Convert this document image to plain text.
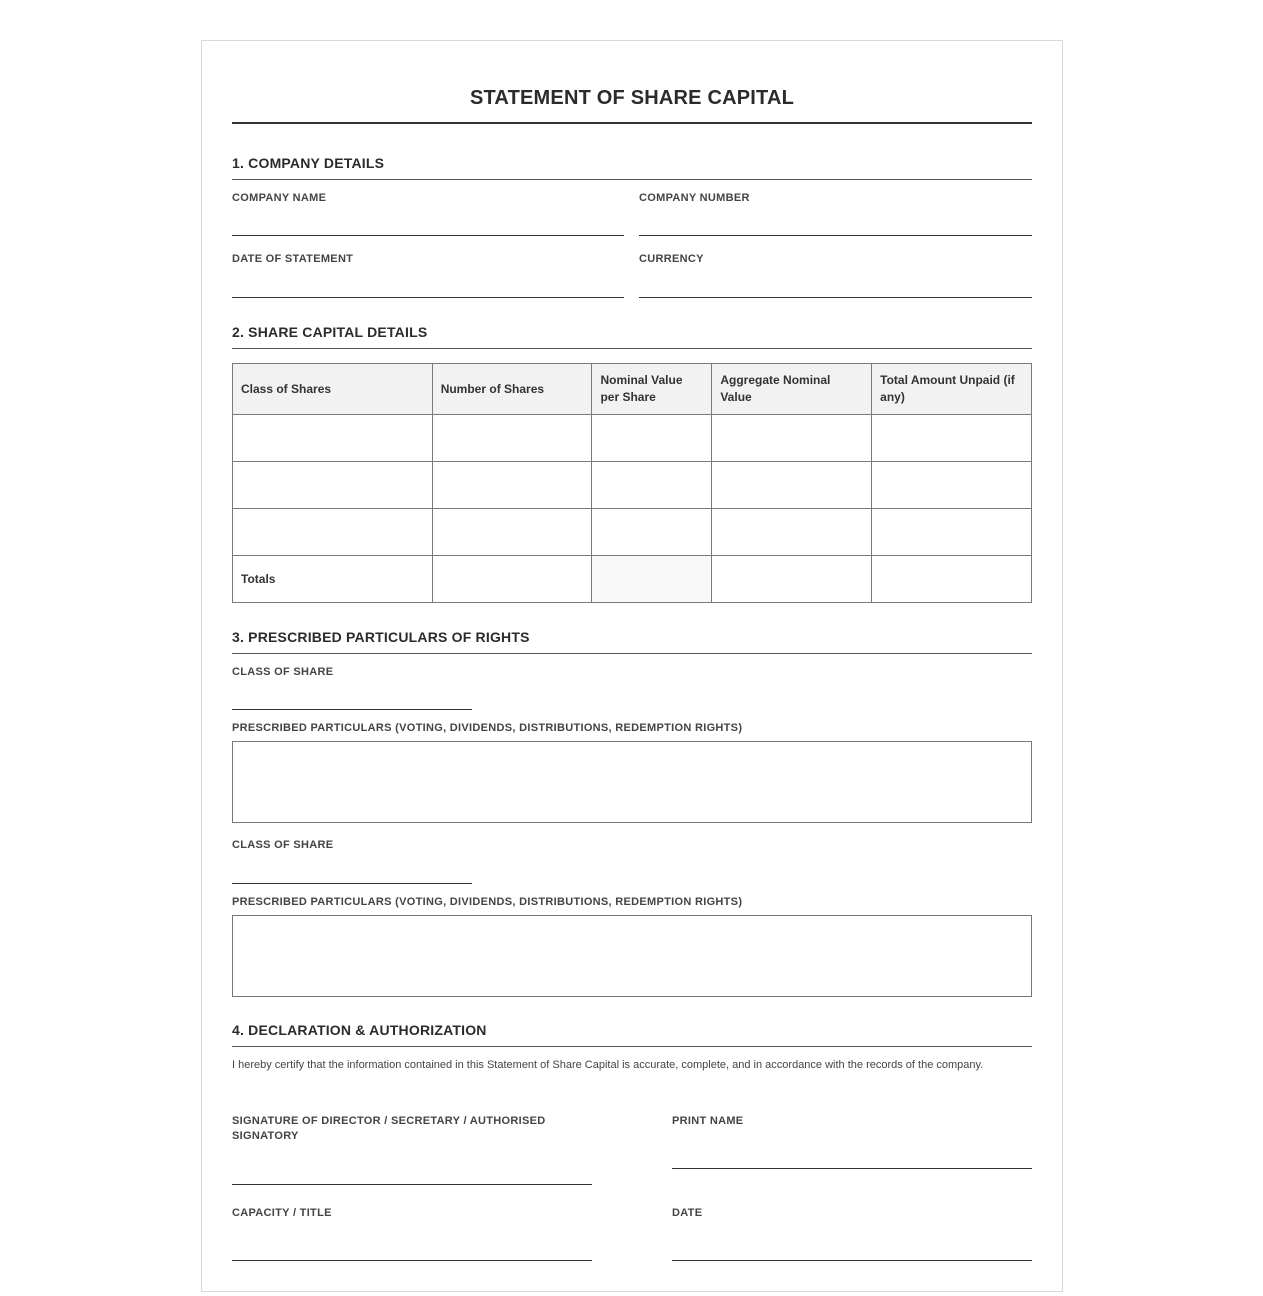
STATEMENT OF SHARE CAPITAL
1. COMPANY DETAILS
COMPANY NAME	COMPANY NUMBER
DATE OF STATEMENT	CURRENCY
2. SHARE CAPITAL DETAILS
Class of Shares	Number of Shares	Nominal Value per Share	Aggregate Nominal Value	Total Amount Unpaid (if any)

Totals				
3. PRESCRIBED PARTICULARS OF RIGHTS
CLASS OF SHARE
PRESCRIBED PARTICULARS (VOTING, DIVIDENDS, DISTRIBUTIONS, REDEMPTION RIGHTS)
CLASS OF SHARE
PRESCRIBED PARTICULARS (VOTING, DIVIDENDS, DISTRIBUTIONS, REDEMPTION RIGHTS)
4. DECLARATION & AUTHORIZATION
I hereby certify that the information contained in this Statement of Share Capital is accurate, complete, and in accordance with the records of the company.
SIGNATURE OF DIRECTOR / SECRETARY / AUTHORISED SIGNATORY
PRINT NAME
CAPACITY / TITLE	DATE
